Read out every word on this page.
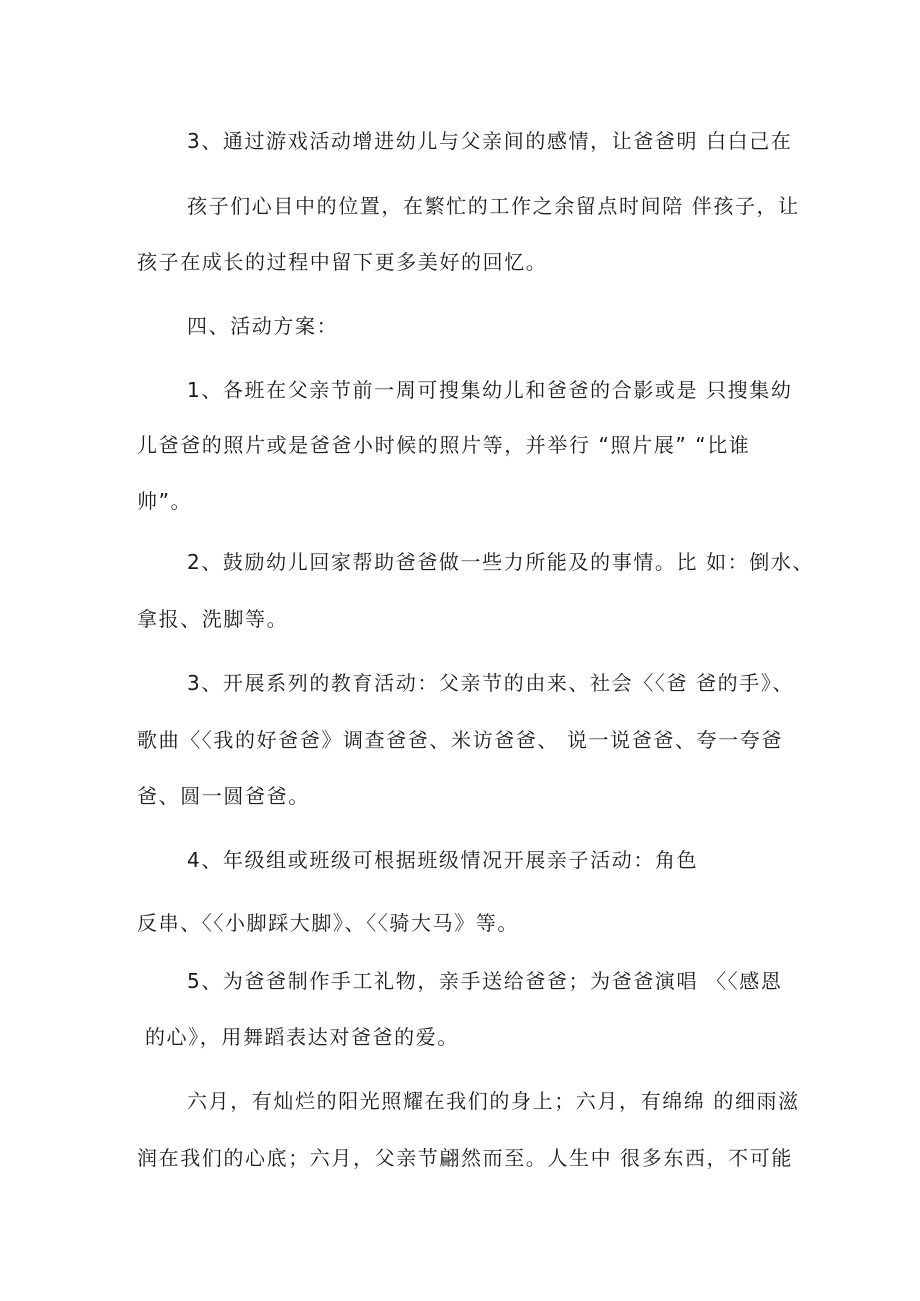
3、通过游戏活动增进幼儿与父亲间的感情，让爸爸明 白白己在
孩子们心目中的位置，在繁忙的工作之余留点时间陪 伴孩子，让
孩子在成长的过程中留下更多美好的回忆。
四、活动方案：
1、各班在父亲节前一周可搜集幼儿和爸爸的合影或是 只搜集幼
儿爸爸的照片或是爸爸小时候的照片等，并举行 “照片展” “比谁
帅”。
2、鼓励幼儿回家帮助爸爸做一些力所能及的事情。比 如：倒水、
拿报、洗脚等。
3、开展系列的教育活动：父亲节的由来、社会〈〈爸 爸的手》、
歌曲〈〈我的好爸爸》调查爸爸、米访爸爸、 说一说爸爸、夸一夸爸
爸、圆一圆爸爸。
4、年级组或班级可根据班级情况开展亲子活动：角色
反串、〈〈小脚踩大脚》、〈〈骑大马》等。
5、为爸爸制作手工礼物，亲手送给爸爸；为爸爸演唱 〈〈感恩
的心》，用舞蹈表达对爸爸的爱。
六月，有灿烂的阳光照耀在我们的身上；六月，有绵绵 的细雨滋
润在我们的心底；六月，父亲节翩然而至。人生中 很多东西，不可能
